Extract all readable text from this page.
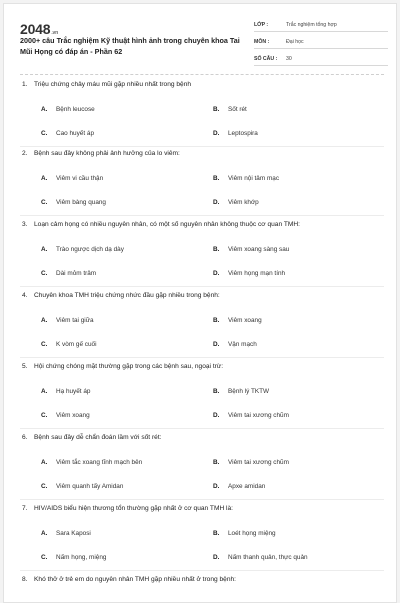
2048.vn
2000+ câu Trắc nghiệm Kỹ thuật hình ảnh trong chuyên khoa Tai Mũi Họng có đáp án - Phần 62
LỚP :	Trắc nghiệm tổng hợp
MÔN :	Đại học
SỐ CÂU :	30
1. Triệu chứng chảy máu mũi gặp nhiều nhất trong bệnh
A.	Bệnh leucose	B.	Sốt rét
C.	Cao huyết áp	D.	Leptospira
2. Bệnh sau đây không phải ảnh hưởng của lo viêm:
A.	Viêm vi cầu thận	B.	Viêm nội tâm mạc
C.	Viêm bàng quang	D.	Viêm khớp
3. Loạn cảm họng có nhiều nguyên nhân, có một số nguyên nhân không thuộc cơ quan TMH:
A.	Trào ngược dịch dạ dày	B.	Viêm xoang sàng sau
C.	Dài mỏm trâm	D.	Viêm họng mạn tính
4. Chuyên khoa TMH triệu chứng nhức đầu gặp nhiều trong bệnh:
A.	Viêm tai giữa	B.	Viêm xoang
C.	K vòm gế cuối	D.	Vận mạch
5. Hội chứng chóng mặt thường gặp trong các bệnh sau, ngoại trừ:
A.	Hạ huyết áp	B.	Bệnh lý TKTW
C.	Viêm xoang	D.	Viêm tai xương chũm
6. Bệnh sau đây dễ chẩn đoán lầm với sốt rét:
A.	Viêm tắc xoang tĩnh mạch bên	B.	Viêm tai xương chũm
C.	Viêm quanh tấy Amidan	D.	Apxe amidan
7. HIV/AIDS biểu hiện thương tổn thường gặp nhất ở cơ quan TMH là:
A.	Sara Kaposi	B.	Loét họng miệng
C.	Nấm họng, miệng	D.	Nấm thanh quản, thực quản
8. Khó thở ở trẻ em do nguyên nhân TMH gặp nhiều nhất ở trong bệnh:
